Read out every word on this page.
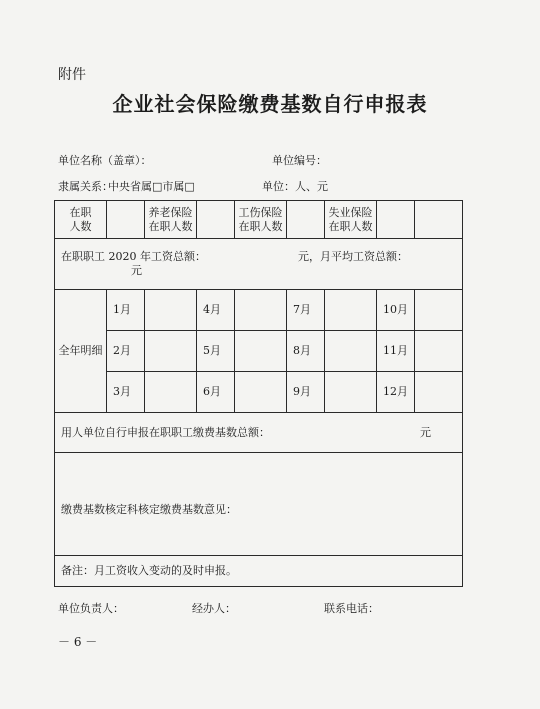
附件
企业社会保险缴费基数自行申报表
单位名称（盖章）：	单位编号：
隶属关系：
中央省属□市属□	单位：人、元
在职人数		养老保险在职人数		工伤保险在职人数		失业保险在职人数		

在职职工 2020 年工资总额： 元，月平均工资总额：元								
全年明细	1月		4月		7月		10月	
	2月		5月		8月		11月	
	3月		6月		9月		12月	
用人单位自行申报在职职工缴费基数总额： 元								

缴费基数核定科核定缴费基数意见：								

备注：月工资收入变动的及时申报。								
单位负责人：	经办人：	联系电话：
－ 6 －
